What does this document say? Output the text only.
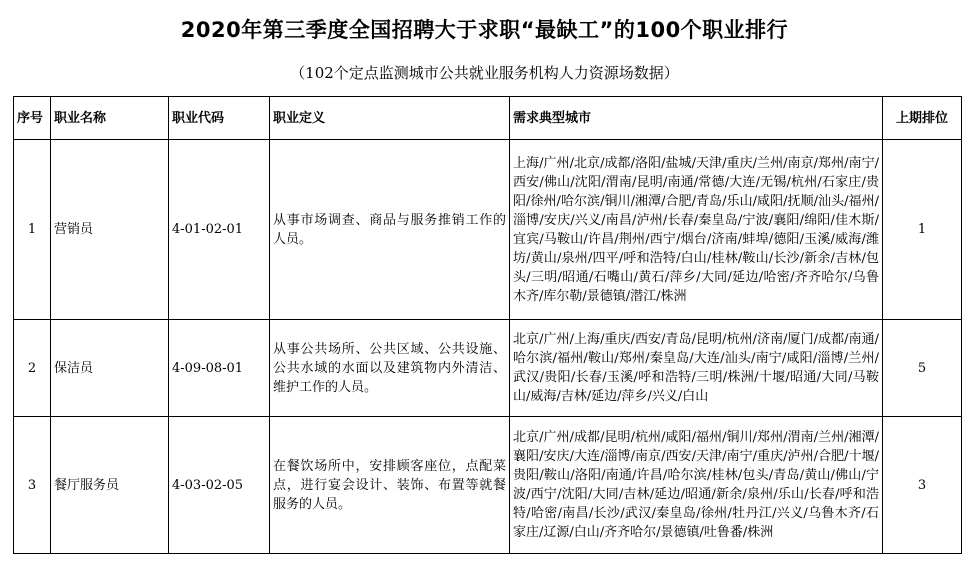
2020年第三季度全国招聘大于求职“最缺工”的100个职业排行
（102个定点监测城市公共就业服务机构人力资源场数据）
序号	职业名称	职业代码	职业定义	需求典型城市	上期排位
1	营销员	4-01-02-01	从事市场调查、商品与服务推销工作的人员。	上海/广州/北京/成都/洛阳/盐城/天津/重庆/兰州/南京/郑州/南宁/西安/佛山/沈阳/渭南/昆明/南通/常德/大连/无锡/杭州/石家庄/贵阳/徐州/哈尔滨/铜川/湘潭/合肥/青岛/乐山/咸阳/抚顺/汕头/福州/淄博/安庆/兴义/南昌/泸州/长春/秦皇岛/宁波/襄阳/绵阳/佳木斯/宜宾/马鞍山/许昌/荆州/西宁/烟台/济南/蚌埠/德阳/玉溪/威海/潍坊/黄山/泉州/四平/呼和浩特/白山/桂林/鞍山/长沙/新余/吉林/包头/三明/昭通/石嘴山/黄石/萍乡/大同/延边/哈密/齐齐哈尔/乌鲁木齐/库尔勒/景德镇/潜江/株洲	1
2	保洁员	4-09-08-01	从事公共场所、公共区域、公共设施、公共水域的水面以及建筑物内外清洁、维护工作的人员。	北京/广州/上海/重庆/西安/青岛/昆明/杭州/济南/厦门/成都/南通/哈尔滨/福州/鞍山/郑州/秦皇岛/大连/汕头/南宁/咸阳/淄博/兰州/武汉/贵阳/长春/玉溪/呼和浩特/三明/株洲/十堰/昭通/大同/马鞍山/威海/吉林/延边/萍乡/兴义/白山	5
3	餐厅服务员	4-03-02-05	在餐饮场所中，安排顾客座位，点配菜点，进行宴会设计、装饰、布置等就餐服务的人员。	北京/广州/成都/昆明/杭州/咸阳/福州/铜川/郑州/渭南/兰州/湘潭/襄阳/安庆/大连/淄博/南京/西安/天津/南宁/重庆/泸州/合肥/十堰/贵阳/鞍山/洛阳/南通/许昌/哈尔滨/桂林/包头/青岛/黄山/佛山/宁波/西宁/沈阳/大同/吉林/延边/昭通/新余/泉州/乐山/长春/呼和浩特/哈密/南昌/长沙/武汉/秦皇岛/徐州/牡丹江/兴义/乌鲁木齐/石家庄/辽源/白山/齐齐哈尔/景德镇/吐鲁番/株洲	3
